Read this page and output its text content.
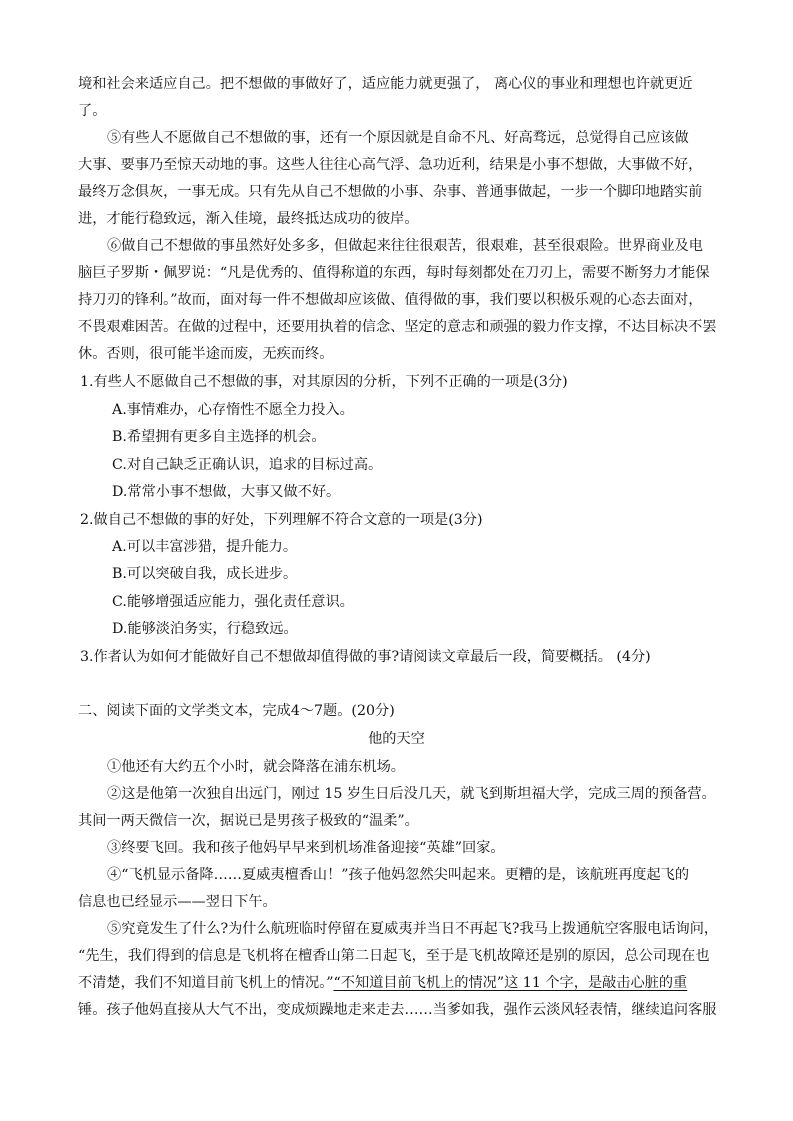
境和社会来适应自己。把不想做的事做好了，适应能力就更强了， 离心仪的事业和理想也许就更近
了。
⑤有些人不愿做自己不想做的事，还有一个原因就是自命不凡、好高骛远，总觉得自己应该做
大事、要事乃至惊天动地的事。这些人往往心高气浮、急功近利，结果是小事不想做，大事做不好，
最终万念俱灰，一事无成。只有先从自己不想做的小事、杂事、普通事做起，一步一个脚印地踏实前
进，才能行稳致远，渐入佳境，最终抵达成功的彼岸。
⑥做自己不想做的事虽然好处多多，但做起来往往很艰苦，很艰难，甚至很艰险。世界商业及电
脑巨子罗斯・佩罗说：“凡是优秀的、值得称道的东西，每时每刻都处在刀刃上，需要不断努力才能保
持刀刃的锋利。”故而，面对每一件不想做却应该做、值得做的事，我们要以积极乐观的心态去面对，
不畏艰难困苦。在做的过程中，还要用执着的信念、坚定的意志和顽强的毅力作支撑，不达目标决不罢
休。否则，很可能半途而废，无疾而终。
1.有些人不愿做自己不想做的事，对其原因的分析，下列不正确的一项是(3分)
A.事情难办，心存惰性不愿全力投入。
B.希望拥有更多自主选择的机会。
C.对自己缺乏正确认识，追求的目标过高。
D.常常小事不想做，大事又做不好。
2.做自己不想做的事的好处，下列理解不符合文意的一项是(3分)
A.可以丰富涉猎，提升能力。
B.可以突破自我，成长进步。
C.能够增强适应能力，强化责任意识。
D.能够淡泊务实，行稳致远。
3.作者认为如何才能做好自己不想做却值得做的事?请阅读文章最后一段，简要概括。 (4分)
二、阅读下面的文学类文本，完成4～7题。(20分)
他的天空
①他还有大约五个小时，就会降落在浦东机场。
②这是他第一次独自出远门，刚过 15 岁生日后没几天，就飞到斯坦福大学，完成三周的预备营。
其间一两天微信一次，据说已是男孩子极致的“温柔”。
③终要飞回。我和孩子他妈早早来到机场准备迎接“英雄”回家。
④“飞机显示备降……夏威夷檀香山！”孩子他妈忽然尖叫起来。更糟的是，该航班再度起飞的
信息也已经显示——翌日下午。
⑤究竟发生了什么?为什么航班临时停留在夏威夷并当日不再起飞?我马上拨通航空客服电话询问，
“先生，我们得到的信息是飞机将在檀香山第二日起飞，至于是飞机故障还是别的原因，总公司现在也
不清楚，我们不知道目前飞机上的情况。”“不知道目前飞机上的情况”这 11 个字，是敲击心脏的重
锤。孩子他妈直接从大气不出，变成烦躁地走来走去……当爹如我，强作云淡风轻表情，继续追问客服
